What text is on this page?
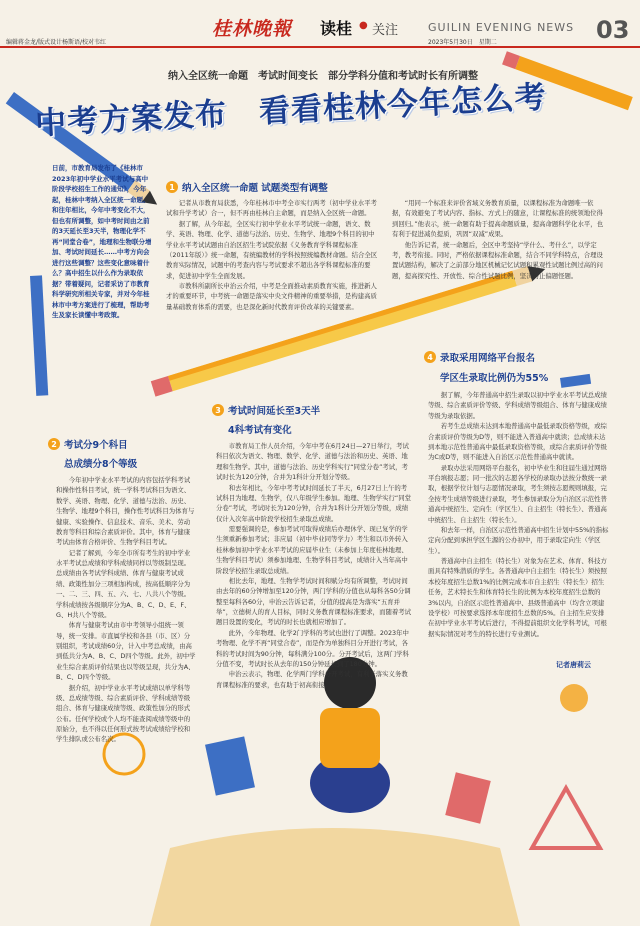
编辑蒋金龙/版式设计杨斯语/校对韦红
桂林晚報 读桂 ● 关注	GUILIN EVENING NEWS
2023年5月30日　星期二	03
纳入全区统一命题　考试时间变长　部分学科分值和考试时长有所调整
中考方案发布　看看桂林今年怎么考
日前，市教育局发布了《桂林市2023年初中学业水平考试与高中阶段学校招生工作的通知》，今年起，桂林中考纳入全区统一命题。和往年相比，今年中考变化不大，但也有所调整，如中考时间由之前的3天延长至3天半，物理化学不再“同堂合卷”，地理和生物联分增加、考试时间延长……中考方向会进行这些调整？这些变化意味着什么？高中招生以什么作为录取依据？带着疑问，记者采访了市教育科学研究所相关专家，并对今年桂林市中考方案进行了梳理，帮助考生及家长读懂中考政策。
1 纳入全区统一命题 试题类型有调整

记者从市教育局获悉，今年桂林市中考全市实行两考（初中学业水平考试和升学考试）合一，但不再由桂林自主命题，而是纳入全区统一命题。

据了解，从今年起，全区实行初中学业水平考试统一命题，语文、数学、英语、物理、化学、道德与法治、历史、生物学、地理9个科目的初中学业水平考试试题由自治区招生考试院依据《义务教育学科课程标准（2011年版）》统一命题，有统编教材的学科按照统编教材命题。结合全区教育实际情况，试题中的考查内容与考试要求不超出各学科课程标准的要求，促进初中学生全面发展。

市教科所副所长申治云介绍，中考是全面推动素质教育实施，推进新人才的重要环节，中考统一命题是落实中央文件精神的重要举措，是构建高质量基础教育体系的需要，也是深化新时代教育评价改革的关键要素。

“用同一个标准来评价省域义务教育质量，以课程标准为命题唯一依据，有效避免了考试内容、指标、方式上的随意，让课程标准的统领地位得到回归。”他表示，统一命题有助于提高命题质量，提高命题科学化水平，也有利于促进减负提质，巩固“双减”成果。

他告诉记者，统一命题后，全区中考坚持“学什么、考什么”，以学定考，教考衔接。同时，严格依据课程标准命题，结合不同学科特点，合理设置试题结构，解决了之前部分地区机械记忆试题积累观性试题比例过高的问题，提高探究性、开放性、综合性试题比例，坚决防止偏题怪题。

2 考试分9个科目
总成绩分8个等级

今年初中学业水平考试的内容包括学科考试和操作性科目考试，统一学科考试科目为语文、数学、英语、物理、化学、道德与法治、历史、生物学、地理9个科目，操作性考试科目为体育与健康、实验操作、信息技术、音乐、美术、劳动教育等科目和综合素质评价。其中，体育与健康考试由体育合格评价、生物学科目考试。

记者了解到，今年全市所有考生的初中学业水平考试总成绩和学科成绩同样以等级制呈现。总成绩由各考试学科成绩、体育与健康考试成绩、政策性加分三项相加构成，按高低顺序分为一、二、三、四、五、六、七、八共八个等级。学科成绩按各级顺序分为A、B、C、D、E、F、G、H共八个等级。

体育与健康考试由市中考领导小组统一领导，统一安排。市直属学校和各县（市、区）分别组织，考试成绩60分，计入中考总成绩，由高到低共分为A、B、C、D四个等级。此外，初中学业生综合素质评价结果也以等级呈现，共分为A、B、C、D四个等级。

据介绍，初中学业水平考试成绩以单学科等级、总成绩等级、综合素质评价、学科成绩等级组合、体育与健康成绩等级、政策性加分的形式公布。任何学校或个人均不能查阅成绩等级中的原始分，也不得以任何形式按考试成绩给学校和学生排队或公布名次。

3 考试时间延长至3天半
4科考试有变化

市教育局工作人员介绍，今年中考在6月24日—27日举行，考试科目依次为语文、物理、数学、化学、道德与法治和历史、英语、地理和生物学。其中，道德与法治、历史学科实行“同堂分卷”考试，考试时长为120分钟，合并为1科计分开划分等级。

和去年相比，今年中考考试时间延长了半天，6月27日上午的考试科目为地理、生物学，仅八年级学生参加。地理、生物学实行“同堂分卷”考试，考试时长为120分钟，合并为1科计分开划分等级，成绩仅计入次年高中阶段学校招生录取总成绩。

需要强调的是，参加考试可取得成绩后办理休学、现已复学的学生须重新参加考试；非应届（初中毕业同等学力）考生和以市外转入桂林参加初中学业水平考试的应届毕业生（未参加上年度桂林地理、生物学科目考试）须参加地理、生物学科目考试，成绩计入当年高中阶段学校招生录取总成绩。

相比去年，地理、生物学考试时间和赋分均有所调整，考试时间由去年的60分钟增加至120分钟，两门学科的分值也从每科各50分调整至每科各60分，申治云告诉记者，分值的提高是为落实“五育并举”，立德树人的育人目标，同时义务教育课程标准要求，而随着考试题目设置的变化，考试的时长也就相应增加了。

此外，今年物理、化学2门学科的考试也进行了调整。2023年中考物理、化学不再“同堂合卷”，而是作为单独科目分开进行考试，各科的考试时间为90分钟，每科满分100分。分开考试后，这两门学科分值不变，考试时长从去年的150分钟延长到了180分钟。

申治云表示，物理、化学两门学科分开考试，有利于落实义务教育课程标准的要求，也有助于初高衔接。

4 录取采用网络平台报名
学区生录取比例仍为55%

据了解，今年普通高中招生录取以初中学业水平考试总成绩等级、综合素质评价等级、学科成绩等级组合、体育与健康成绩等级为录取依据。

若考生总成绩未达到本地普通高中最低录取资格等级，或综合素质评价等级为D等，则不能进入普通高中就读；总成绩未达到本地示范性普通高中最低录取资格等级，或综合素质评价等级为C或D等，则不能进入自治区示范性普通高中就读。

录取办法采用网络平台报名，初中毕业生和往届生通过网络平台填报志愿；同一批次的志愿各学校的录取办法按分数统一录取，根据学位计划与志愿情况录取，考生须按志愿规则填报，完全按考生成绩等级进行录取，考生参加录取分为自治区示范性普通高中统招生、定向生（学区生）、自主招生（特长生）、普通高中统招生、自主招生（特长生）。

和去年一样，自治区示范性普通高中招生计划中55%的指标定向分配到承担学区生源的公办初中，用于录取定向生（学区生）。

普通高中自主招生（特长生）对象为在艺术、体育、科技方面具有特殊潜质的学生。各普通高中自主招生（特长生）须按照本校年度招生总数1%的比例完成本市自主招生（特长生）招生任务，艺术特长生和体育特长生的比例为本校年度招生总数的3%以内，自治区示范性普通高中、县级普通高中（均含立项建设学校）可按要求选择本年度招生总数的5%。自主招生应安排在初中学业水平考试后进行，不得提前组织文化学科考试，可根据实际情况对考生的特长进行专业测试。

记者唐莉云
